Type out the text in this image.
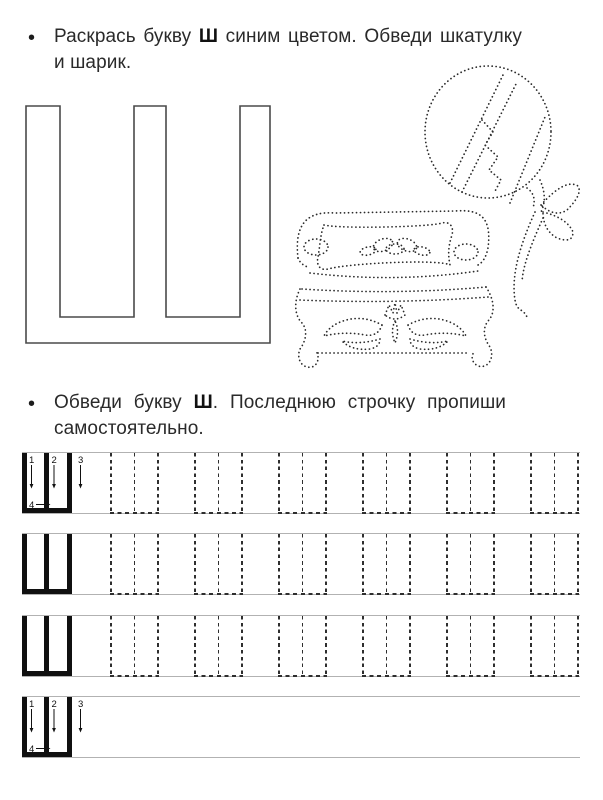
• Раскрась букву Ш синим цветом. Обведи шкатулку
и шарик.
• Обведи букву Ш. Последнюю строчку пропиши
самостоятельно.
1 2 3
4
1 2 3
4
